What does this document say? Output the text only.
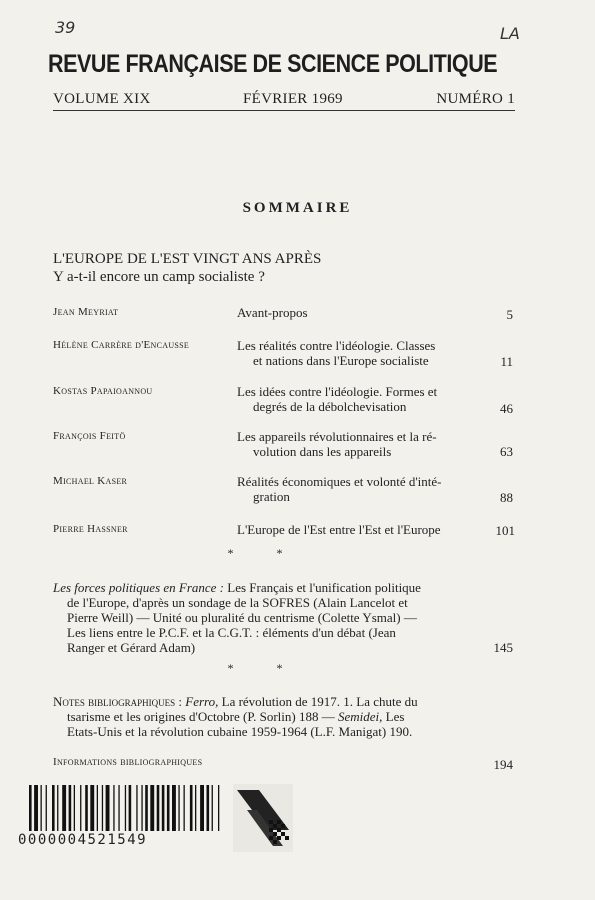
39	LA
REVUE FRANÇAISE DE SCIENCE POLITIQUE
VOLUME XIX	FÉVRIER 1969	NUMÉRO 1
SOMMAIRE
L'EUROPE DE L'EST VINGT ANS APRÈS
Y a-t-il encore un camp socialiste ?
Jean Meyriat	Avant-propos	5
Hélène Carrère d'Encausse	Les réalités contre l'idéologie. Classes
et nations dans l'Europe socialiste	11
Kostas Papaioannou	Les idées contre l'idéologie. Formes et
degrés de la débolchevisation	46
François Feitö	Les appareils révolutionnaires et la ré-
volution dans les appareils	63
Michael Kaser	Réalités économiques et volonté d'inté-
gration	88
Pierre Hassner	L'Europe de l'Est entre l'Est et l'Europe	101
* *
Les forces politiques en France : Les Français et l'unification politique
de l'Europe, d'après un sondage de la SOFRES (Alain Lancelot et
Pierre Weill) — Unité ou pluralité du centrisme (Colette Ysmal) —
Les liens entre le P.C.F. et la C.G.T. : éléments d'un débat (Jean
Ranger et Gérard Adam)	145
* *
Notes bibliographiques : Ferro, La révolution de 1917. 1. La chute du
tsarisme et les origines d'Octobre (P. Sorlin) 188 — Semidei, Les
Etats-Unis et la révolution cubaine 1959-1964 (L.F. Manigat) 190.
Informations bibliographiques	194
0000004521549
